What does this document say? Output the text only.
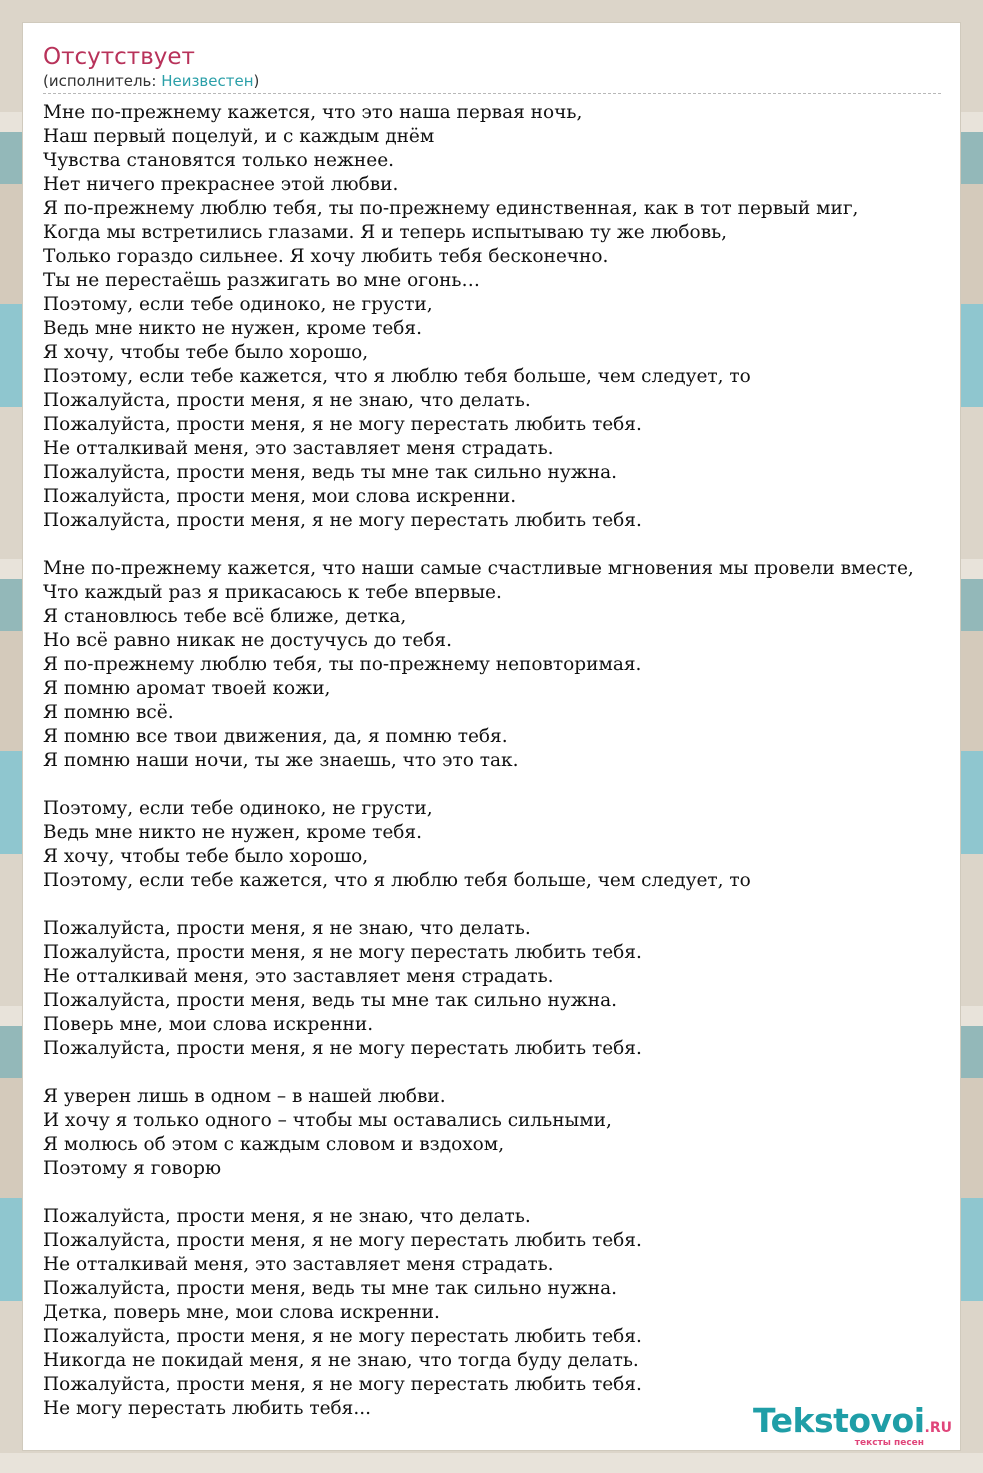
Отсутствует
(исполнитель: Неизвестен)
Мне по-прежнему кажется, что это наша первая ночь,
Наш первый поцелуй, и с каждым днём
Чувства становятся только нежнее.
Нет ничего прекраснее этой любви.
Я по-прежнему люблю тебя, ты по-прежнему единственная, как в тот первый миг,
Когда мы встретились глазами. Я и теперь испытываю ту же любовь,
Только гораздо сильнее. Я хочу любить тебя бесконечно.
Ты не перестаёшь разжигать во мне огонь…
Поэтому, если тебе одиноко, не грусти,
Ведь мне никто не нужен, кроме тебя.
Я хочу, чтобы тебе было хорошо,
Поэтому, если тебе кажется, что я люблю тебя больше, чем следует, то
Пожалуйста, прости меня, я не знаю, что делать.
Пожалуйста, прости меня, я не могу перестать любить тебя.
Не отталкивай меня, это заставляет меня страдать.
Пожалуйста, прости меня, ведь ты мне так сильно нужна.
Пожалуйста, прости меня, мои слова искренни.
Пожалуйста, прости меня, я не могу перестать любить тебя.
Мне по-прежнему кажется, что наши самые счастливые мгновения мы провели вместе,
Что каждый раз я прикасаюсь к тебе впервые.
Я становлюсь тебе всё ближе, детка,
Но всё равно никак не достучусь до тебя.
Я по-прежнему люблю тебя, ты по-прежнему неповторимая.
Я помню аромат твоей кожи,
Я помню всё.
Я помню все твои движения, да, я помню тебя.
Я помню наши ночи, ты же знаешь, что это так.
Поэтому, если тебе одиноко, не грусти,
Ведь мне никто не нужен, кроме тебя.
Я хочу, чтобы тебе было хорошо,
Поэтому, если тебе кажется, что я люблю тебя больше, чем следует, то
Пожалуйста, прости меня, я не знаю, что делать.
Пожалуйста, прости меня, я не могу перестать любить тебя.
Не отталкивай меня, это заставляет меня страдать.
Пожалуйста, прости меня, ведь ты мне так сильно нужна.
Поверь мне, мои слова искренни.
Пожалуйста, прости меня, я не могу перестать любить тебя.
Я уверен лишь в одном – в нашей любви.
И хочу я только одного – чтобы мы оставались сильными,
Я молюсь об этом с каждым словом и вздохом,
Поэтому я говорю
Пожалуйста, прости меня, я не знаю, что делать.
Пожалуйста, прости меня, я не могу перестать любить тебя.
Не отталкивай меня, это заставляет меня страдать.
Пожалуйста, прости меня, ведь ты мне так сильно нужна.
Детка, поверь мне, мои слова искренни.
Пожалуйста, прости меня, я не могу перестать любить тебя.
Никогда не покидай меня, я не знаю, что тогда буду делать.
Пожалуйста, прости меня, я не могу перестать любить тебя.
Не могу перестать любить тебя...	Tekstovoi.RU
тексты песен
